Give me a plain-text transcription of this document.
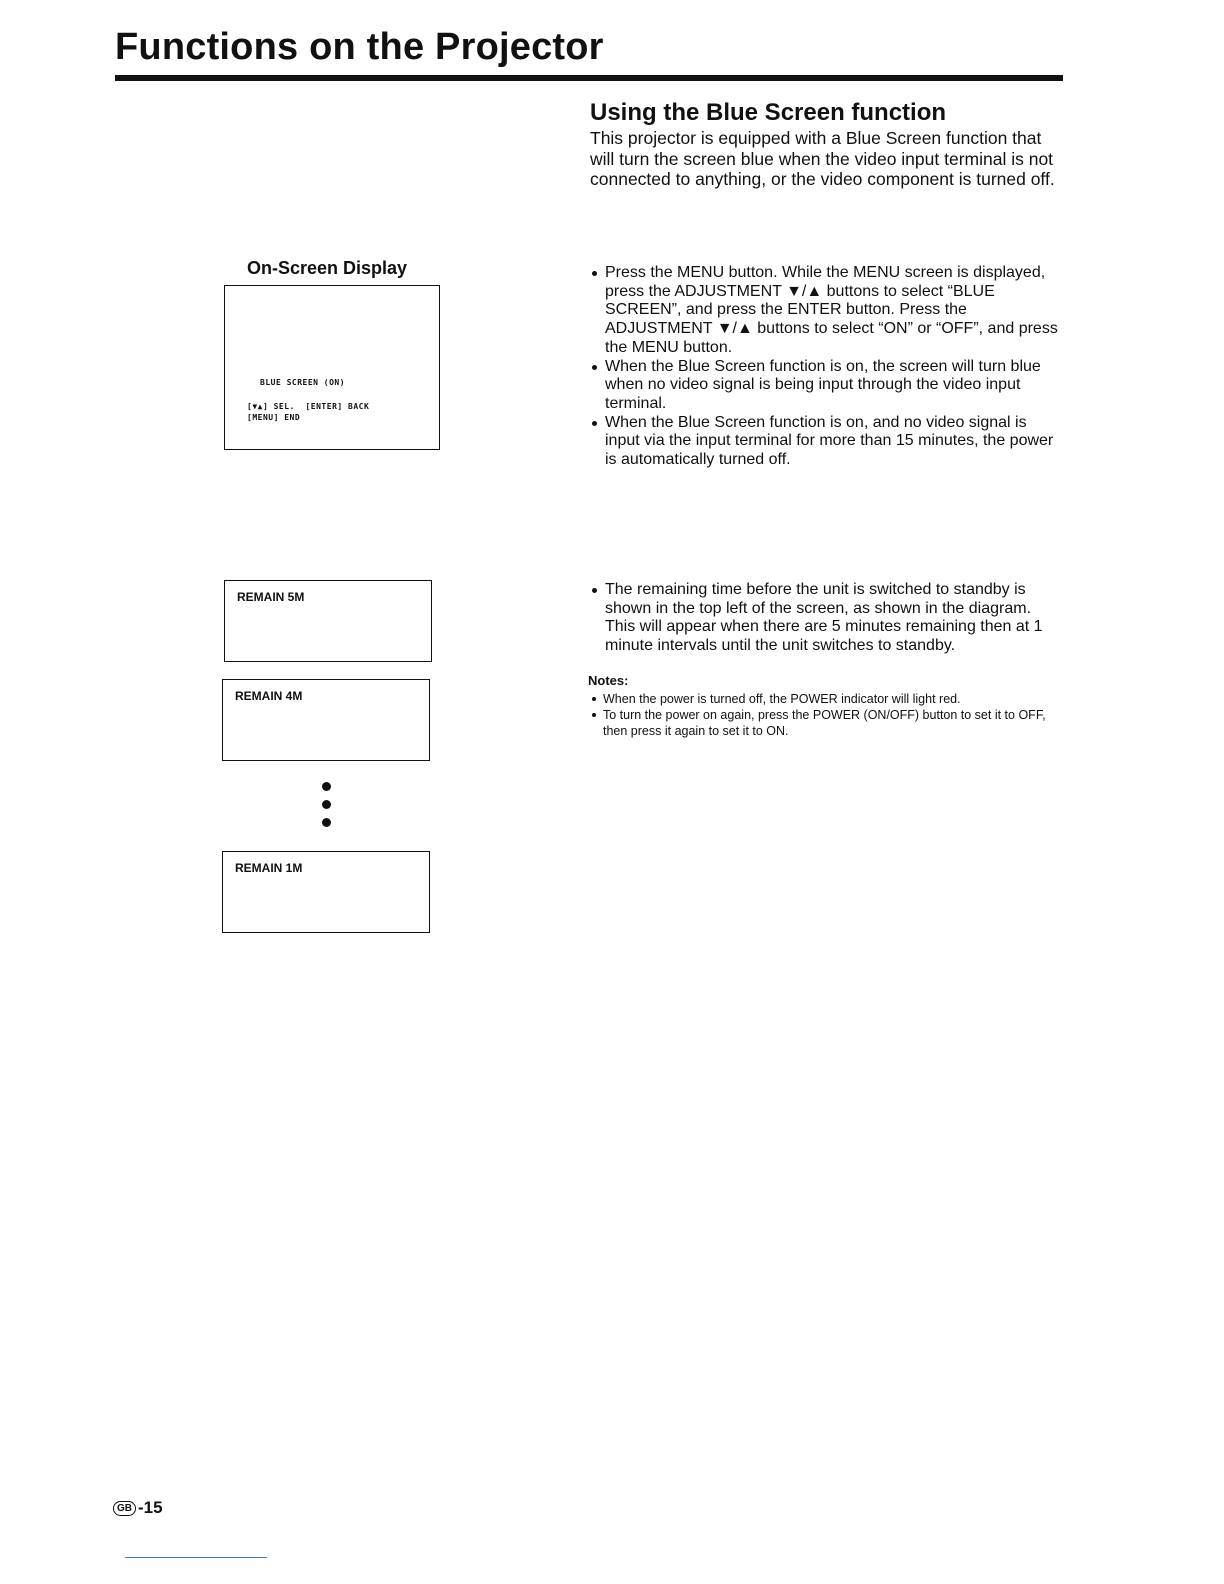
Functions on the Projector
Using the Blue Screen function

This projector is equipped with a Blue Screen function that will turn the screen blue when the video input terminal is not connected to anything, or the video component is turned off.

On-Screen Display
BLUE SCREEN (ON)
[▼▲] SEL.  [ENTER] BACK
[MENU] END
Press the MENU button. While the MENU screen is displayed, press the ADJUSTMENT ▼/▲ buttons to select “BLUE SCREEN”, and press the ENTER button. Press the ADJUSTMENT ▼/▲ buttons to select “ON” or “OFF”, and press the MENU button.
When the Blue Screen function is on, the screen will turn blue when no video signal is being input through the video input terminal.
When the Blue Screen function is on, and no video signal is input via the input terminal for more than 15 minutes, the power is automatically turned off.
REMAIN 5M
REMAIN 4M
REMAIN 1M
The remaining time before the unit is switched to standby is shown in the top left of the screen, as shown in the diagram. This will appear when there are 5 minutes remaining then at 1 minute intervals until the unit switches to standby.
Notes:
When the power is turned off, the POWER indicator will light red.
To turn the power on again, press the POWER (ON/OFF) button to set it to OFF, then press it again to set it to ON.
GB -15
